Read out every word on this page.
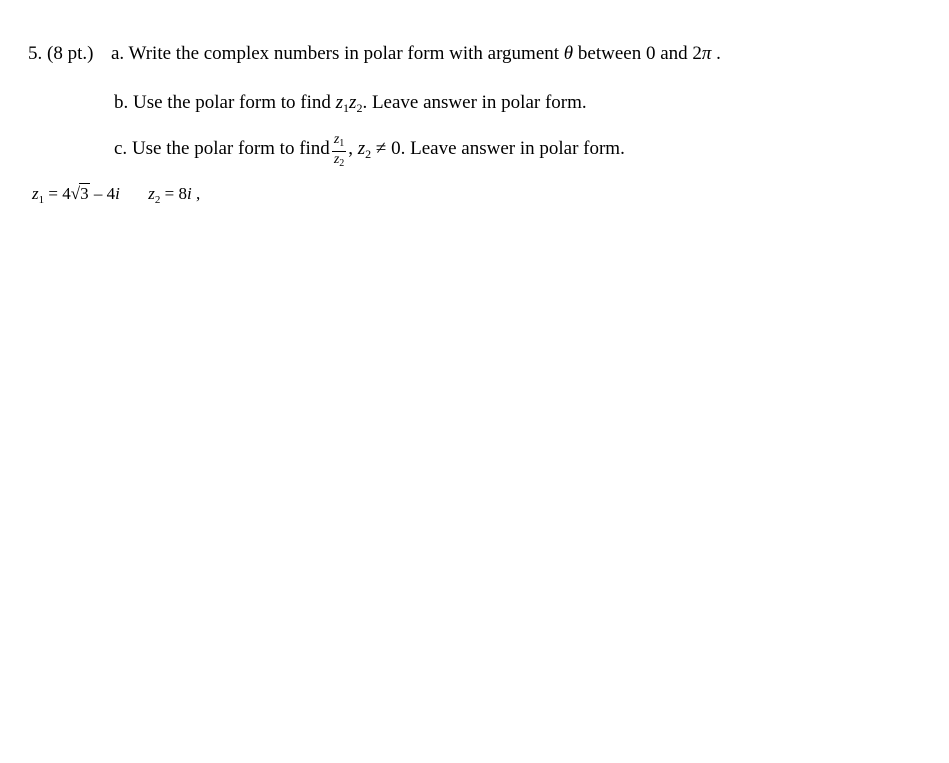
5. (8 pt.) a. Write the complex numbers in polar form with argument θ between 0 and 2π .
b. Use the polar form to find $z_1z_2$. Leave answer in polar form.
c. Use the polar form to find $\frac{z_1}{z_2}$ , $z_2 \ne 0$. Leave answer in polar form.
$z_1 = 4√3 - 4i$ $z_2 = 8i$ ,
